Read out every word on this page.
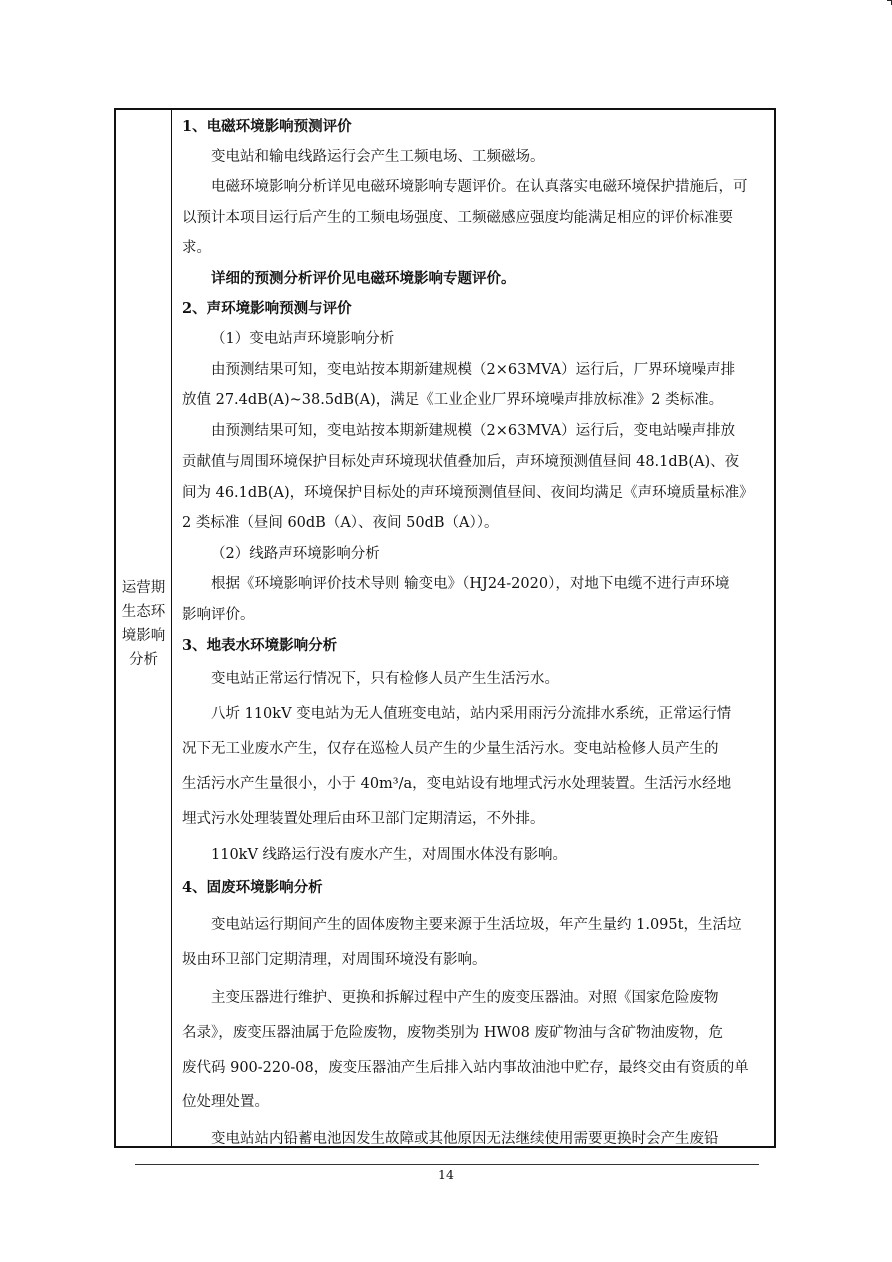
运营期
生态环
境影响
分析
1、电磁环境影响预测评价
变电站和输电线路运行会产生工频电场、工频磁场。
电磁环境影响分析详见电磁环境影响专题评价。在认真落实电磁环境保护措施后，可
以预计本项目运行后产生的工频电场强度、工频磁感应强度均能满足相应的评价标准要
求。
详细的预测分析评价见电磁环境影响专题评价。
2、声环境影响预测与评价
（1）变电站声环境影响分析
由预测结果可知，变电站按本期新建规模（2×63MVA）运行后，厂界环境噪声排
放值 27.4dB(A)~38.5dB(A)，满足《工业企业厂界环境噪声排放标准》2 类标准。
由预测结果可知，变电站按本期新建规模（2×63MVA）运行后，变电站噪声排放
贡献值与周围环境保护目标处声环境现状值叠加后，声环境预测值昼间 48.1dB(A)、夜
间为 46.1dB(A)，环境保护目标处的声环境预测值昼间、夜间均满足《声环境质量标准》
2 类标准（昼间 60dB（A）、夜间 50dB（A））。
（2）线路声环境影响分析
根据《环境影响评价技术导则 输变电》（HJ24-2020），对地下电缆不进行声环境
影响评价。
3、地表水环境影响分析
变电站正常运行情况下，只有检修人员产生生活污水。
八圻 110kV 变电站为无人值班变电站，站内采用雨污分流排水系统，正常运行情
况下无工业废水产生，仅存在巡检人员产生的少量生活污水。变电站检修人员产生的
生活污水产生量很小，小于 40m³/a，变电站设有地埋式污水处理装置。生活污水经地
埋式污水处理装置处理后由环卫部门定期清运，不外排。
110kV 线路运行没有废水产生，对周围水体没有影响。
4、固废环境影响分析
变电站运行期间产生的固体废物主要来源于生活垃圾，年产生量约 1.095t，生活垃
圾由环卫部门定期清理，对周围环境没有影响。
主变压器进行维护、更换和拆解过程中产生的废变压器油。对照《国家危险废物
名录》，废变压器油属于危险废物，废物类别为 HW08 废矿物油与含矿物油废物，危
废代码 900-220-08，废变压器油产生后排入站内事故油池中贮存，最终交由有资质的单
位处理处置。
变电站站内铅蓄电池因发生故障或其他原因无法继续使用需要更换时会产生废铅
14
